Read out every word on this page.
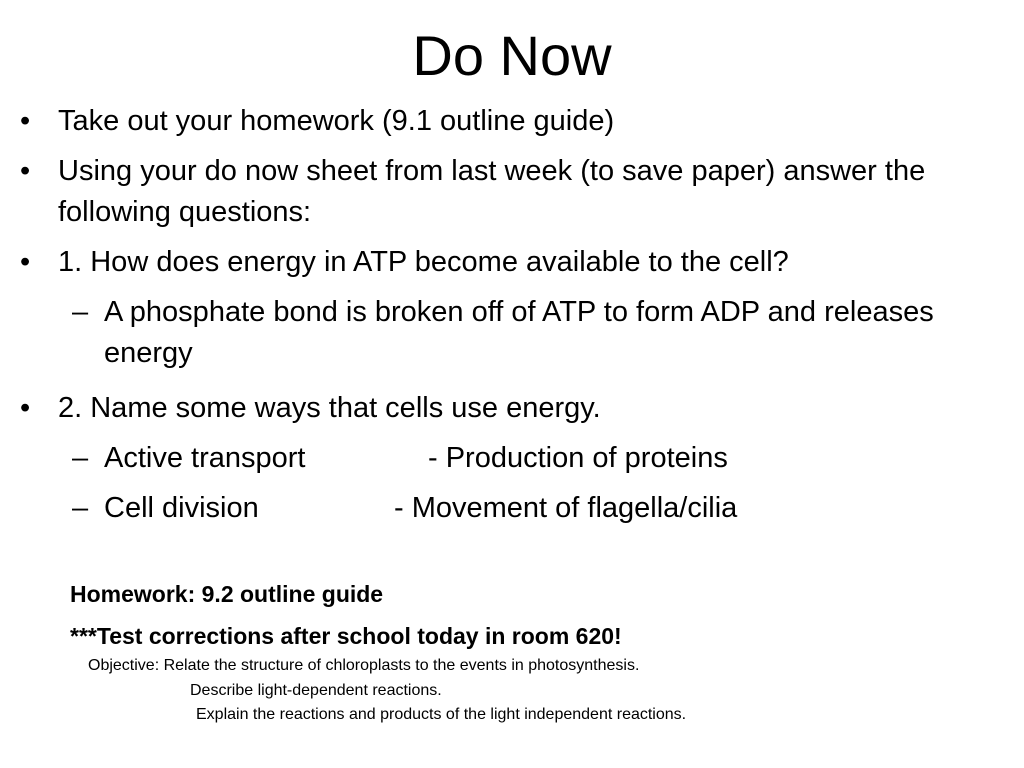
Do Now
• Take out your homework (9.1 outline guide)
• Using your do now sheet from last week (to save paper) answer the following questions:
• 1. How does energy in ATP become available to the cell?
– A phosphate bond is broken off of ATP to form ADP and releases energy
• 2. Name some ways that cells use energy.
– Active transport	- Production of proteins
– Cell division	- Movement of flagella/cilia
Homework: 9.2 outline guide
***Test corrections after school today in room 620!
Objective: Relate the structure of chloroplasts to the events in photosynthesis.
Describe light-dependent reactions.
Explain the reactions and products of the light independent reactions.
